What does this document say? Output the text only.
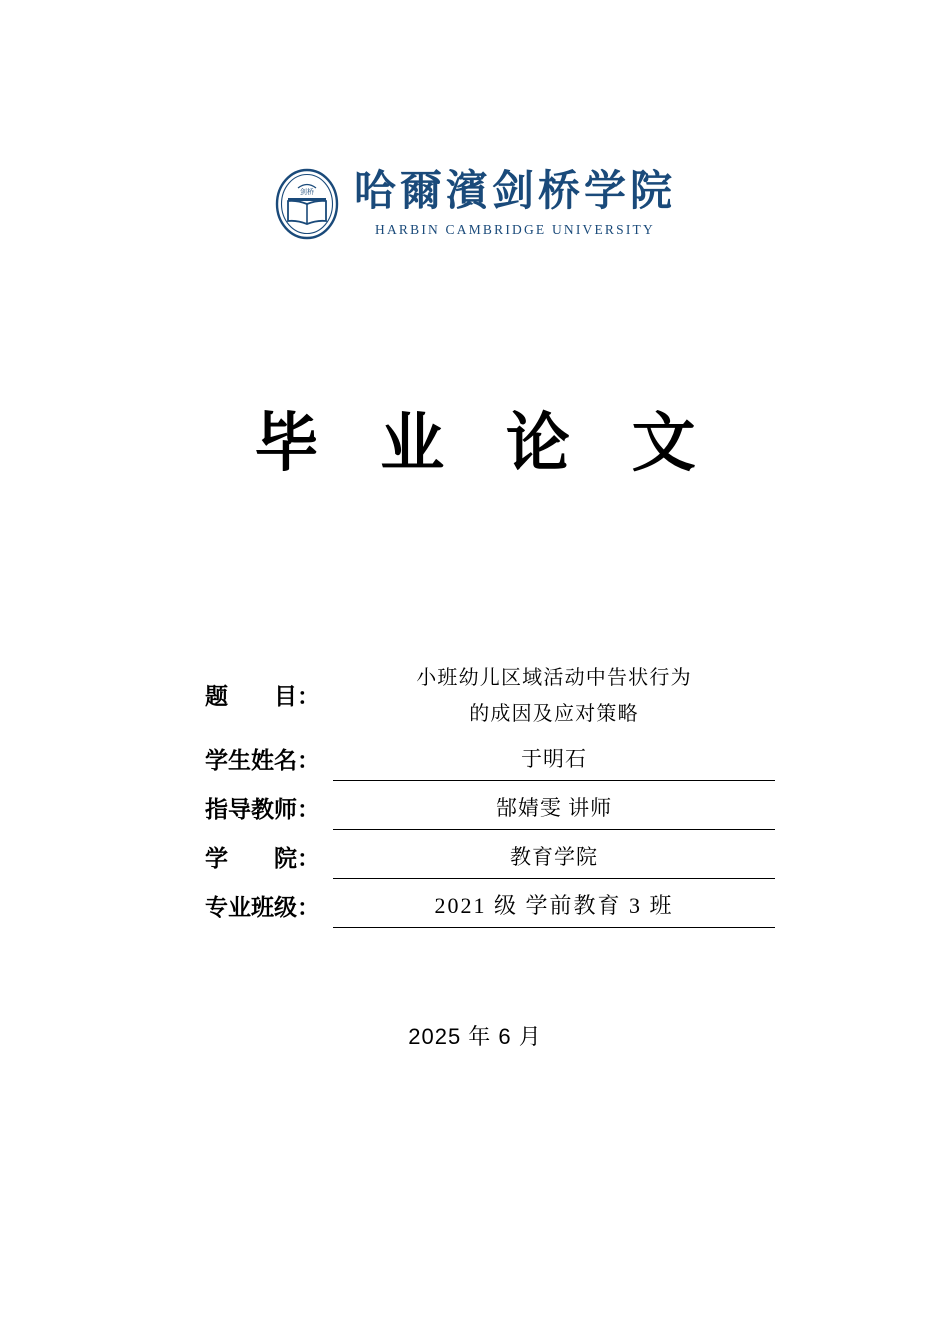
剑桥 哈爾濱剑桥学院
HARBIN CAMBRIDGE UNIVERSITY
毕 业 论 文
题　　目：
小班幼儿区域活动中告状行为
的成因及应对策略
学生姓名：	于明石
指导教师：	郜婧雯 讲师
学　　院：	教育学院
专业班级：	2021 级 学前教育 3 班
2025 年 6 月
